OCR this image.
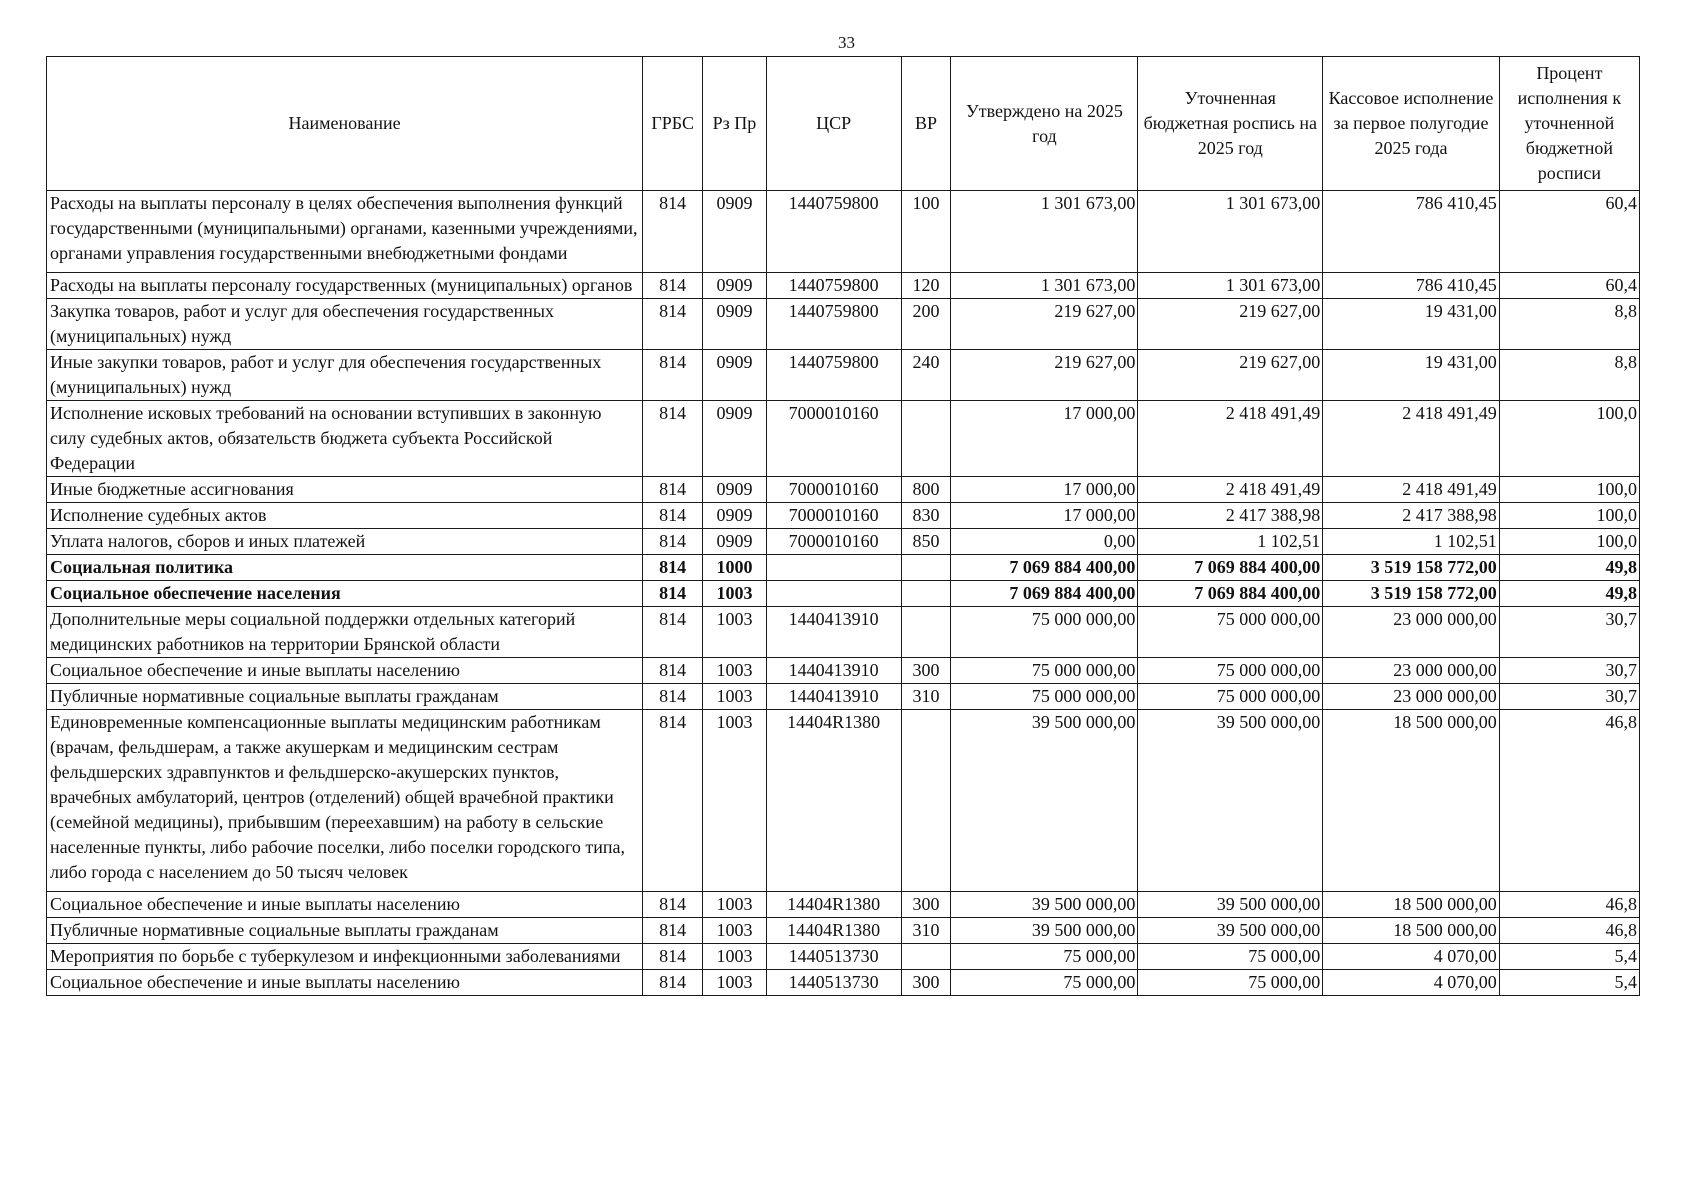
33
Наименование	ГРБС	Рз Пр	ЦСР	ВР	Утверждено на 2025 год	Уточненная бюджетная роспись на 2025 год	Кассовое исполнение за первое полугодие 2025 года	Процент исполнения к уточненной бюджетной росписи
Расходы на выплаты персоналу в целях обеспечения выполнения функций государственными (муниципальными) органами, казенными учреждениями, органами управления государственными внебюджетными фондами	814	0909	1440759800	100	1 301 673,00	1 301 673,00	786 410,45	60,4
Расходы на выплаты персоналу государственных (муниципальных) органов	814	0909	1440759800	120	1 301 673,00	1 301 673,00	786 410,45	60,4
Закупка товаров, работ и услуг для обеспечения государственных (муниципальных) нужд	814	0909	1440759800	200	219 627,00	219 627,00	19 431,00	8,8
Иные закупки товаров, работ и услуг для обеспечения государственных (муниципальных) нужд	814	0909	1440759800	240	219 627,00	219 627,00	19 431,00	8,8
Исполнение исковых требований на основании вступивших в законную силу судебных актов, обязательств бюджета субъекта Российской Федерации	814	0909	7000010160		17 000,00	2 418 491,49	2 418 491,49	100,0
Иные бюджетные ассигнования	814	0909	7000010160	800	17 000,00	2 418 491,49	2 418 491,49	100,0
Исполнение судебных актов	814	0909	7000010160	830	17 000,00	2 417 388,98	2 417 388,98	100,0
Уплата налогов, сборов и иных платежей	814	0909	7000010160	850	0,00	1 102,51	1 102,51	100,0
Социальная политика	814	1000			7 069 884 400,00	7 069 884 400,00	3 519 158 772,00	49,8
Социальное обеспечение населения	814	1003			7 069 884 400,00	7 069 884 400,00	3 519 158 772,00	49,8
Дополнительные меры социальной поддержки отдельных категорий медицинских работников на территории Брянской области	814	1003	1440413910		75 000 000,00	75 000 000,00	23 000 000,00	30,7
Социальное обеспечение и иные выплаты населению	814	1003	1440413910	300	75 000 000,00	75 000 000,00	23 000 000,00	30,7
Публичные нормативные социальные выплаты гражданам	814	1003	1440413910	310	75 000 000,00	75 000 000,00	23 000 000,00	30,7
Единовременные компенсационные выплаты медицинским работникам (врачам, фельдшерам, а также акушеркам и медицинским сестрам фельдшерских здравпунктов и фельдшерско-акушерских пунктов, врачебных амбулаторий, центров (отделений) общей врачебной практики (семейной медицины), прибывшим (переехавшим) на работу в сельские населенные пункты, либо рабочие поселки, либо поселки городского типа, либо города с населением до 50 тысяч человек	814	1003	14404R1380		39 500 000,00	39 500 000,00	18 500 000,00	46,8
Социальное обеспечение и иные выплаты населению	814	1003	14404R1380	300	39 500 000,00	39 500 000,00	18 500 000,00	46,8
Публичные нормативные социальные выплаты гражданам	814	1003	14404R1380	310	39 500 000,00	39 500 000,00	18 500 000,00	46,8
Мероприятия по борьбе с туберкулезом и инфекционными заболеваниями	814	1003	1440513730		75 000,00	75 000,00	4 070,00	5,4
Социальное обеспечение и иные выплаты населению	814	1003	1440513730	300	75 000,00	75 000,00	4 070,00	5,4
